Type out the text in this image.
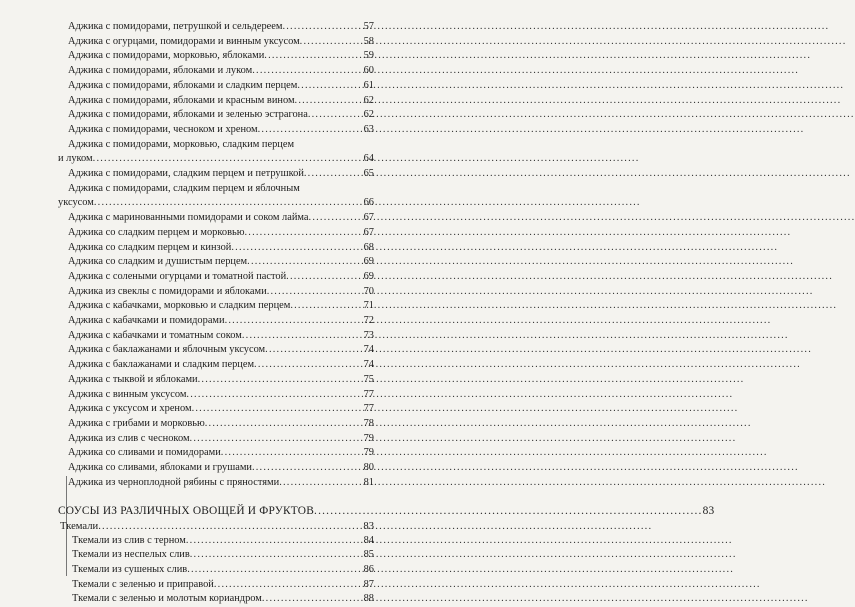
Аджика с помидорами, петрушкой и сельдереем .....	57
Аджика с огурцами, помидорами и винным уксусом .....	58
Аджика с помидорами, морковью, яблоками .....	59
Аджика с помидорами, яблоками и луком .....	60
Аджика с помидорами, яблоками и сладким перцем .....	61
Аджика с помидорами, яблоками и красным вином .....	62
Аджика с помидорами, яблоками и зеленью эстрагона .....	62
Аджика с помидорами, чесноком и хреном .....	63
Аджика с помидорами, морковью, сладким перцем
и луком .....	64
Аджика с помидорами, сладким перцем и петрушкой .....	65
Аджика с помидорами, сладким перцем и яблочным
уксусом .....	66
Аджика с маринованными помидорами и соком лайма .....	67
Аджика со сладким перцем и морковью .....	67
Аджика со сладким перцем и кинзой .....	68
Аджика со сладким и душистым перцем .....	69
Аджика с солеными огурцами и томатной пастой .....	69
Аджика из свеклы с помидорами и яблоками .....	70
Аджика с кабачками, морковью и сладким перцем .....	71
Аджика с кабачками и помидорами .....	72
Аджика с кабачками и томатным соком .....	73
Аджика с баклажанами и яблочным уксусом .....	74
Аджика с баклажанами и сладким перцем .....	74
Аджика с тыквой и яблоками .....	75
Аджика с винным уксусом .....	77
Аджика с уксусом и хреном .....	77
Аджика с грибами и морковью .....	78
Аджика из слив с чесноком .....	79
Аджика со сливами и помидорами .....	79
Аджика со сливами, яблоками и грушами .....	80
Аджика из черноплодной рябины с пряностями .....	81
СОУСЫ ИЗ РАЗЛИЧНЫХ ОВОЩЕЙ И ФРУКТОВ .....	83
Ткемали .....	83
Ткемали из слив с терном .....	84
Ткемали из неспелых слив .....	85
Ткемали из сушеных слив .....	86
Ткемали с зеленью и приправой .....	87
Ткемали с зеленью и молотым кориандром .....	88
